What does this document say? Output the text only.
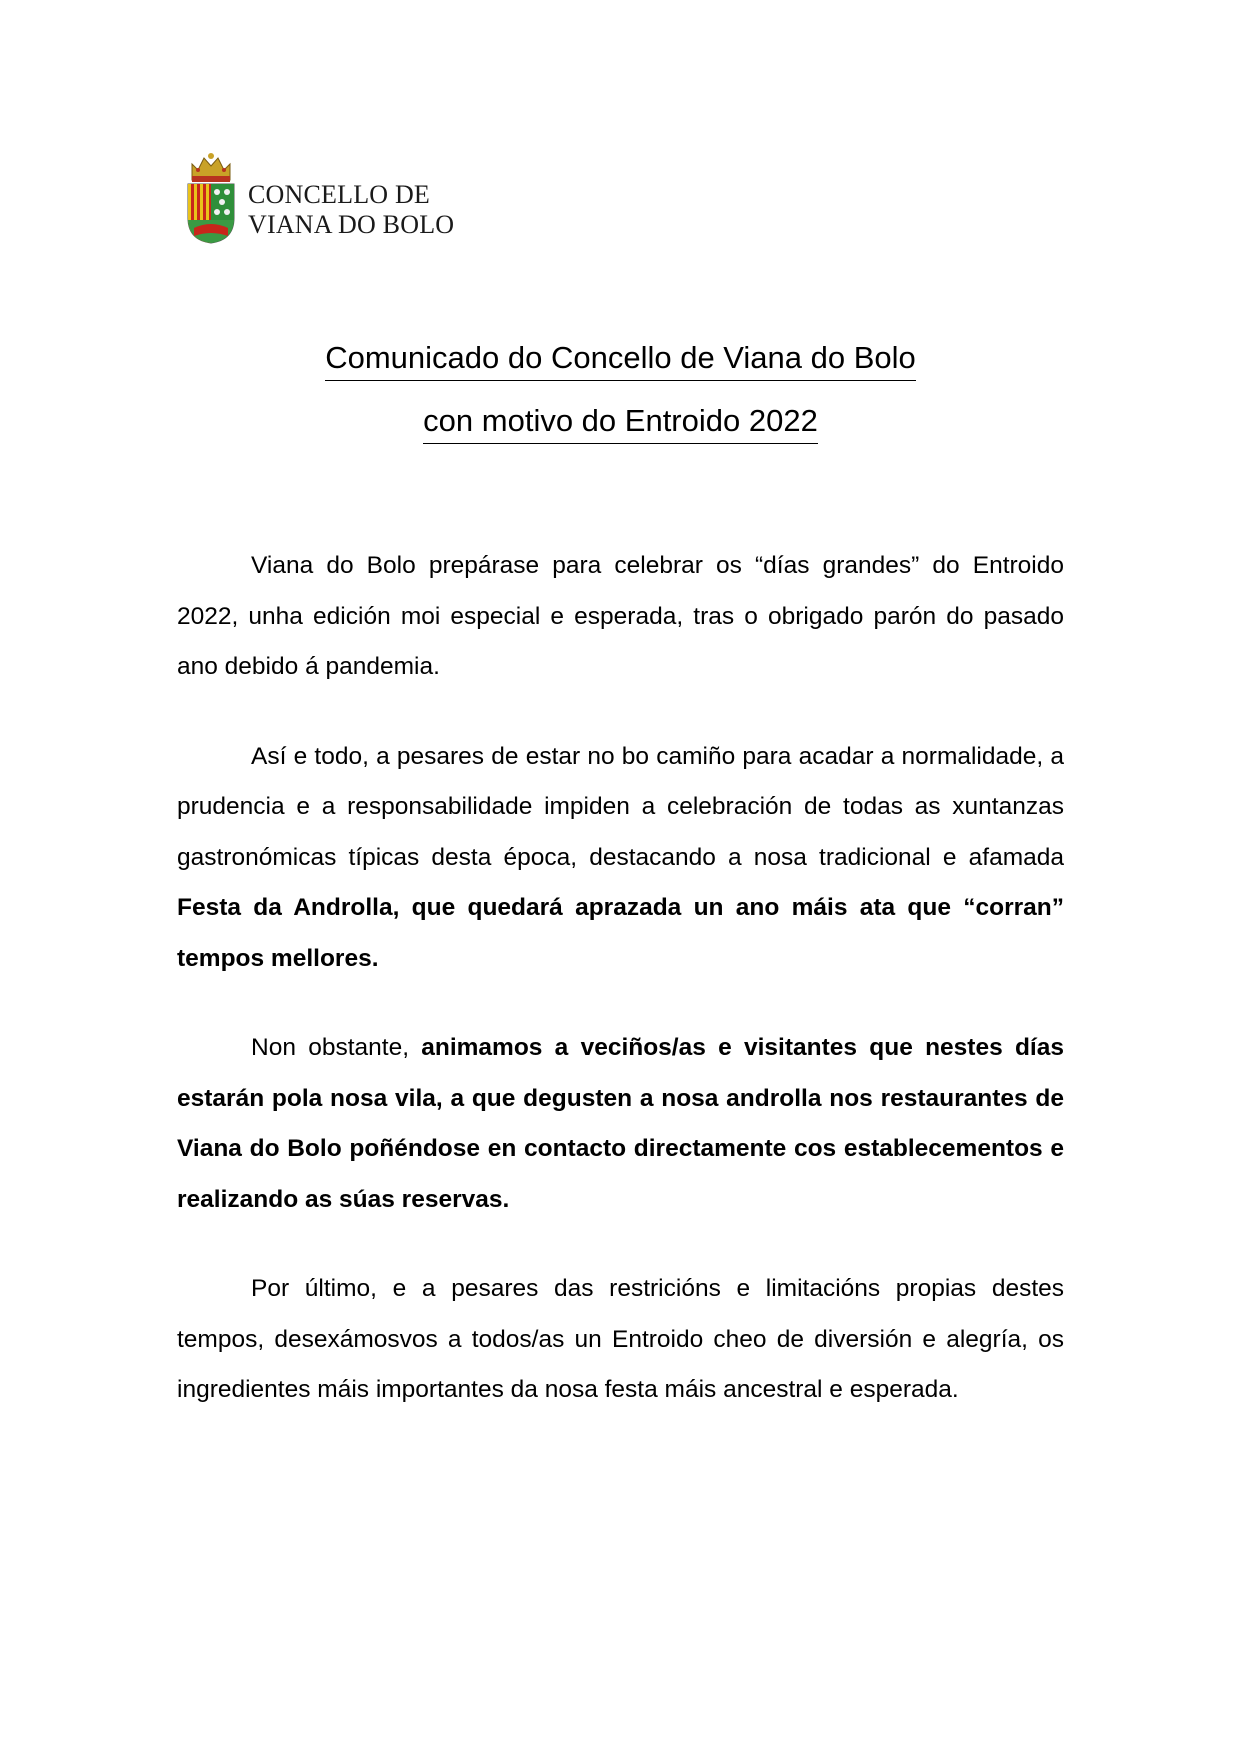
CONCELLO DE
VIANA DO BOLO
Comunicado do Concello de Viana do Bolo
con motivo do Entroido 2022

Viana do Bolo prepárase para celebrar os “días grandes” do Entroido 2022, unha edición moi especial e esperada, tras o obrigado parón do pasado ano debido á pandemia.

Así e todo, a pesares de estar no bo camiño para acadar a normalidade, a prudencia e a responsabilidade impiden a celebración de todas as xuntanzas gastronómicas típicas desta época, destacando a nosa tradicional e afamada Festa da Androlla, que quedará aprazada un ano máis ata que “corran” tempos mellores.

Non obstante, animamos a veciños/as e visitantes que nestes días estarán pola nosa vila, a que degusten a nosa androlla nos restaurantes de Viana do Bolo poñéndose en contacto directamente cos establecementos e realizando as súas reservas.

Por último, e a pesares das restricións e limitacións propias destes tempos, desexámosvos a todos/as un Entroido cheo de diversión e alegría, os ingredientes máis importantes da nosa festa máis ancestral e esperada.
